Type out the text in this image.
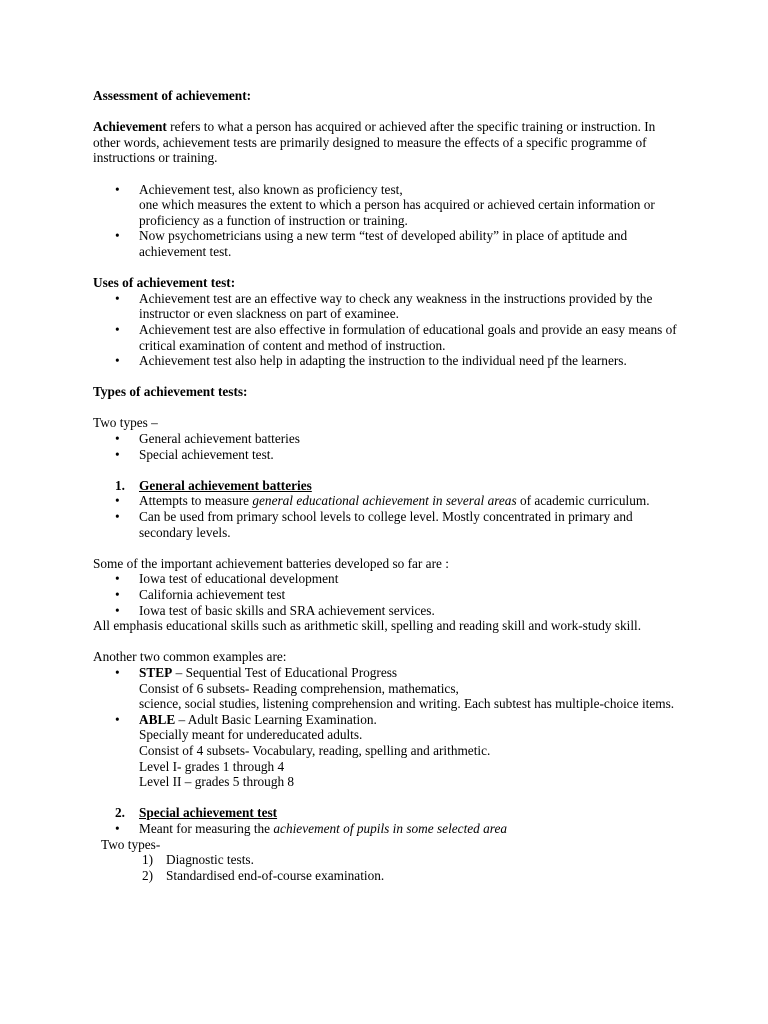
Assessment of achievement:

Achievement refers to what a person has acquired or achieved after the specific training or instruction. In other words, achievement tests are primarily designed to measure the effects of a specific programme of instructions or training.

• Achievement test, also known as proficiency test,
one which measures the extent to which a person has acquired or achieved certain information or proficiency as a function of instruction or training.
• Now psychometricians using a new term “test of developed ability” in place of aptitude and achievement test.

Uses of achievement test:

• Achievement test are an effective way to check any weakness in the instructions provided by the instructor or even slackness on part of examinee.
• Achievement test are also effective in formulation of educational goals and provide an easy means of critical examination of content and method of instruction.
• Achievement test also help in adapting the instruction to the individual need pf the learners.

Types of achievement tests:

Two types –

• General achievement batteries
• Special achievement test.
1. General achievement batteries
• Attempts to measure general educational achievement in several areas of academic curriculum.
• Can be used from primary school levels to college level. Mostly concentrated in primary and secondary levels.

Some of the important achievement batteries developed so far are :

• Iowa test of educational development
• California achievement test
• Iowa test of basic skills and SRA achievement services.

All emphasis educational skills such as arithmetic skill, spelling and reading skill and work-study skill.

Another two common examples are:

• STEP – Sequential Test of Educational Progress
Consist of 6 subsets- Reading comprehension, mathematics,
science, social studies, listening comprehension and writing. Each subtest has multiple-choice items.
• ABLE – Adult Basic Learning Examination.
Specially meant for undereducated adults.
Consist of 4 subsets- Vocabulary, reading, spelling and arithmetic.
Level I- grades 1 through 4
Level II – grades 5 through 8
2. Special achievement test
• Meant for measuring the achievement of pupils in some selected area

Two types-

1) Diagnostic tests.
2) Standardised end-of-course examination.
